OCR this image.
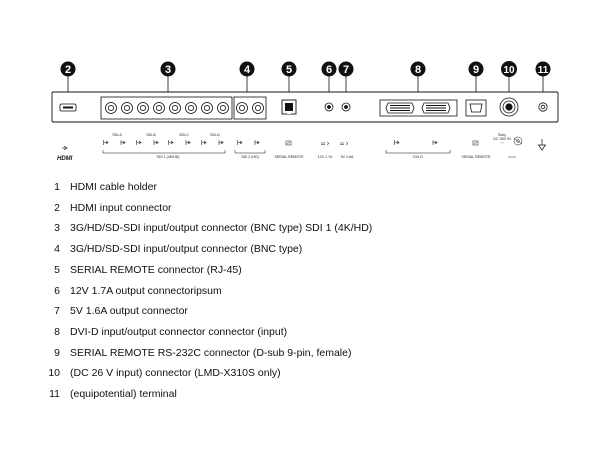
2	3	4	5	6 7	8	9 10 11
HDMI
SDI-A	SDI-B	SDI-C	SDI-D
SDI 1 (4K/HD)	SDI 2 (HD)	SERIAL REMOTE	12V 1.7A 5V 1.6A	DVI-D	SERIAL REMOTE
Sony
DC 26V IN
⎓
═══
1 HDMI cable holder
2 HDMI input connector
3 3G/HD/SD-SDI input/output connector (BNC type) SDI 1 (4K/HD)
4 3G/HD/SD-SDI input/output connector (BNC type)
5 SERIAL REMOTE connector (RJ-45)
6 12V 1.7A output connectoripsum
7 5V 1.6A output connector
8 DVI-D input/output connector connector (input)
9 SERIAL REMOTE RS-232C connector (D-sub 9-pin, female)
10 (DC 26 V input) connector (LMD-X310S only)
11 (equipotential) terminal
